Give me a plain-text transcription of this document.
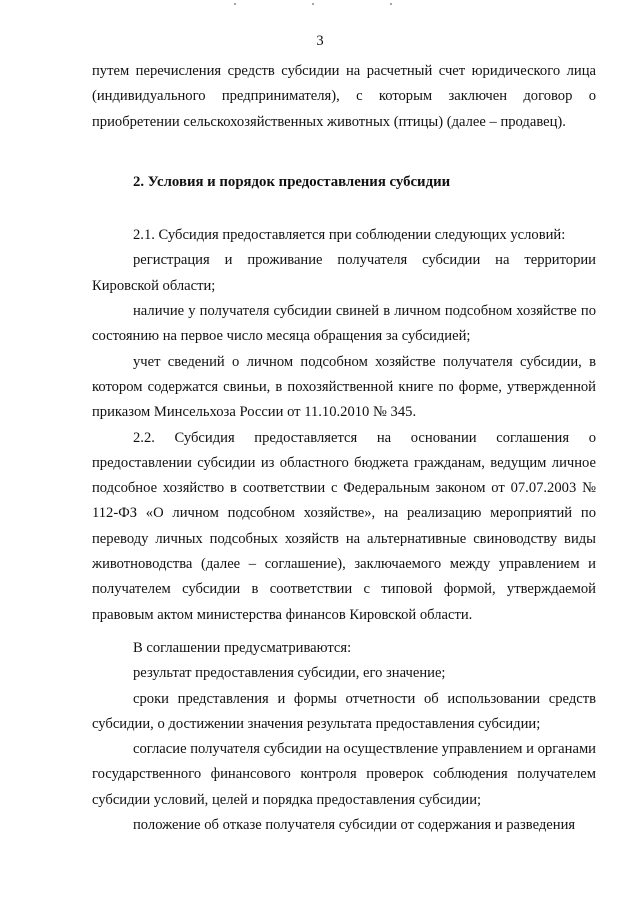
3

путем перечисления средств субсидии на расчетный счет юридического лица (индивидуального предпринимателя), с которым заключен договор о приобретении сельскохозяйственных животных (птицы) (далее – продавец).

2. Условия и порядок предоставления субсидии

2.1. Субсидия предоставляется при соблюдении следующих условий:

регистрация и проживание получателя субсидии на территории Кировской области;

наличие у получателя субсидии свиней в личном подсобном хозяйстве по состоянию на первое число месяца обращения за субсидией;

учет сведений о личном подсобном хозяйстве получателя субсидии, в котором содержатся свиньи, в похозяйственной книге по форме, утвержденной приказом Минсельхоза России от 11.10.2010 № 345.

2.2. Субсидия предоставляется на основании соглашения о предоставлении субсидии из областного бюджета гражданам, ведущим личное подсобное хозяйство в соответствии с Федеральным законом от 07.07.2003 № 112-ФЗ «О личном подсобном хозяйстве», на реализацию мероприятий по переводу личных подсобных хозяйств на альтернативные свиноводству виды животноводства (далее – соглашение), заключаемого между управлением и получателем субсидии в соответствии с типовой формой, утверждаемой правовым актом министерства финансов Кировской области.

В соглашении предусматриваются:

результат предоставления субсидии, его значение;

сроки представления и формы отчетности об использовании средств субсидии, о достижении значения результата предоставления субсидии;

согласие получателя субсидии на осуществление управлением и органами государственного финансового контроля проверок соблюдения получателем субсидии условий, целей и порядка предоставления субсидии;

положение об отказе получателя субсидии от содержания и разведения
